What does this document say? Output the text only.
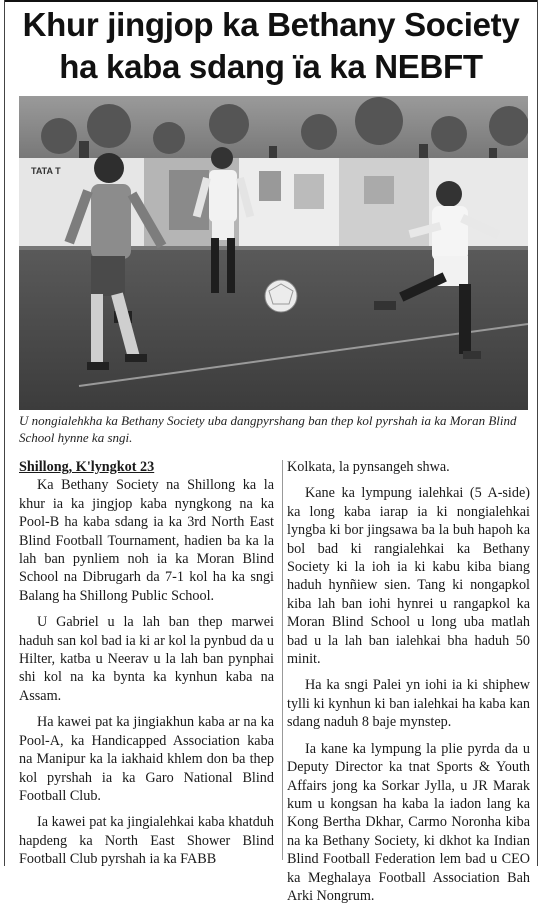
Khur jingjop ka Bethany Society
ha kaba sdang ïa ka NEBFT
TATA T
U nongialehkha ka Bethany Society uba dangpyrshang ban thep kol pyrshah ia ka Moran Blind School hynne ka sngi.

Shillong, K'lyngkot 23

Ka Bethany Society na Shillong ka la khur ia ka jingjop kaba nyngkong na ka Pool-B ha kaba sdang ia ka 3rd North East Blind Football Tournament, hadien ba ka la lah ban pynliem noh ia ka Moran Blind School na Dibrugarh da 7-1 kol ha ka sngi Balang ha Shillong Public School.

U Gabriel u la lah ban thep marwei haduh san kol bad ia ki ar kol la pynbud da u Hilter, katba u Neerav u la lah ban pynphai shi kol na ka bynta ka kynhun kaba na Assam.

Ha kawei pat ka jingiakhun kaba ar na ka Pool-A, ka Handicapped Association kaba na Manipur ka la iakhaid khlem don ba thep kol pyrshah ia ka Garo National Blind Football Club.

Ia kawei pat ka jingialehkai kaba khatduh hapdeng ka North East Shower Blind Football Club pyrshah ia ka FABB

Kolkata, la pynsangeh shwa.

Kane ka lympung ialehkai (5 A-side) ka long kaba iarap ia ki nongialehkai lyngba ki bor jingsawa ba la buh hapoh ka bol bad ki rangialehkai ka Bethany Society ki la ioh ia ki kabu kiba biang haduh hynñiew sien. Tang ki nongapkol kiba lah ban iohi hynrei u rangapkol ka Moran Blind School u long uba matlah bad u la lah ban ialehkai bha haduh 50 minit.

Ha ka sngi Palei yn iohi ia ki shiphew tylli ki kynhun ki ban ialehkai ha kaba kan sdang naduh 8 baje mynstep.

Ia kane ka lympung la plie pyrda da u Deputy Director ka tnat Sports & Youth Affairs jong ka Sorkar Jylla, u JR Marak kum u kongsan ha kaba la iadon lang ka Kong Bertha Dkhar, Carmo Noronha kiba na ka Bethany Society, ki dkhot ka Indian Blind Football Federation lem bad u CEO ka Meghalaya Football Association Bah Arki Nongrum.
